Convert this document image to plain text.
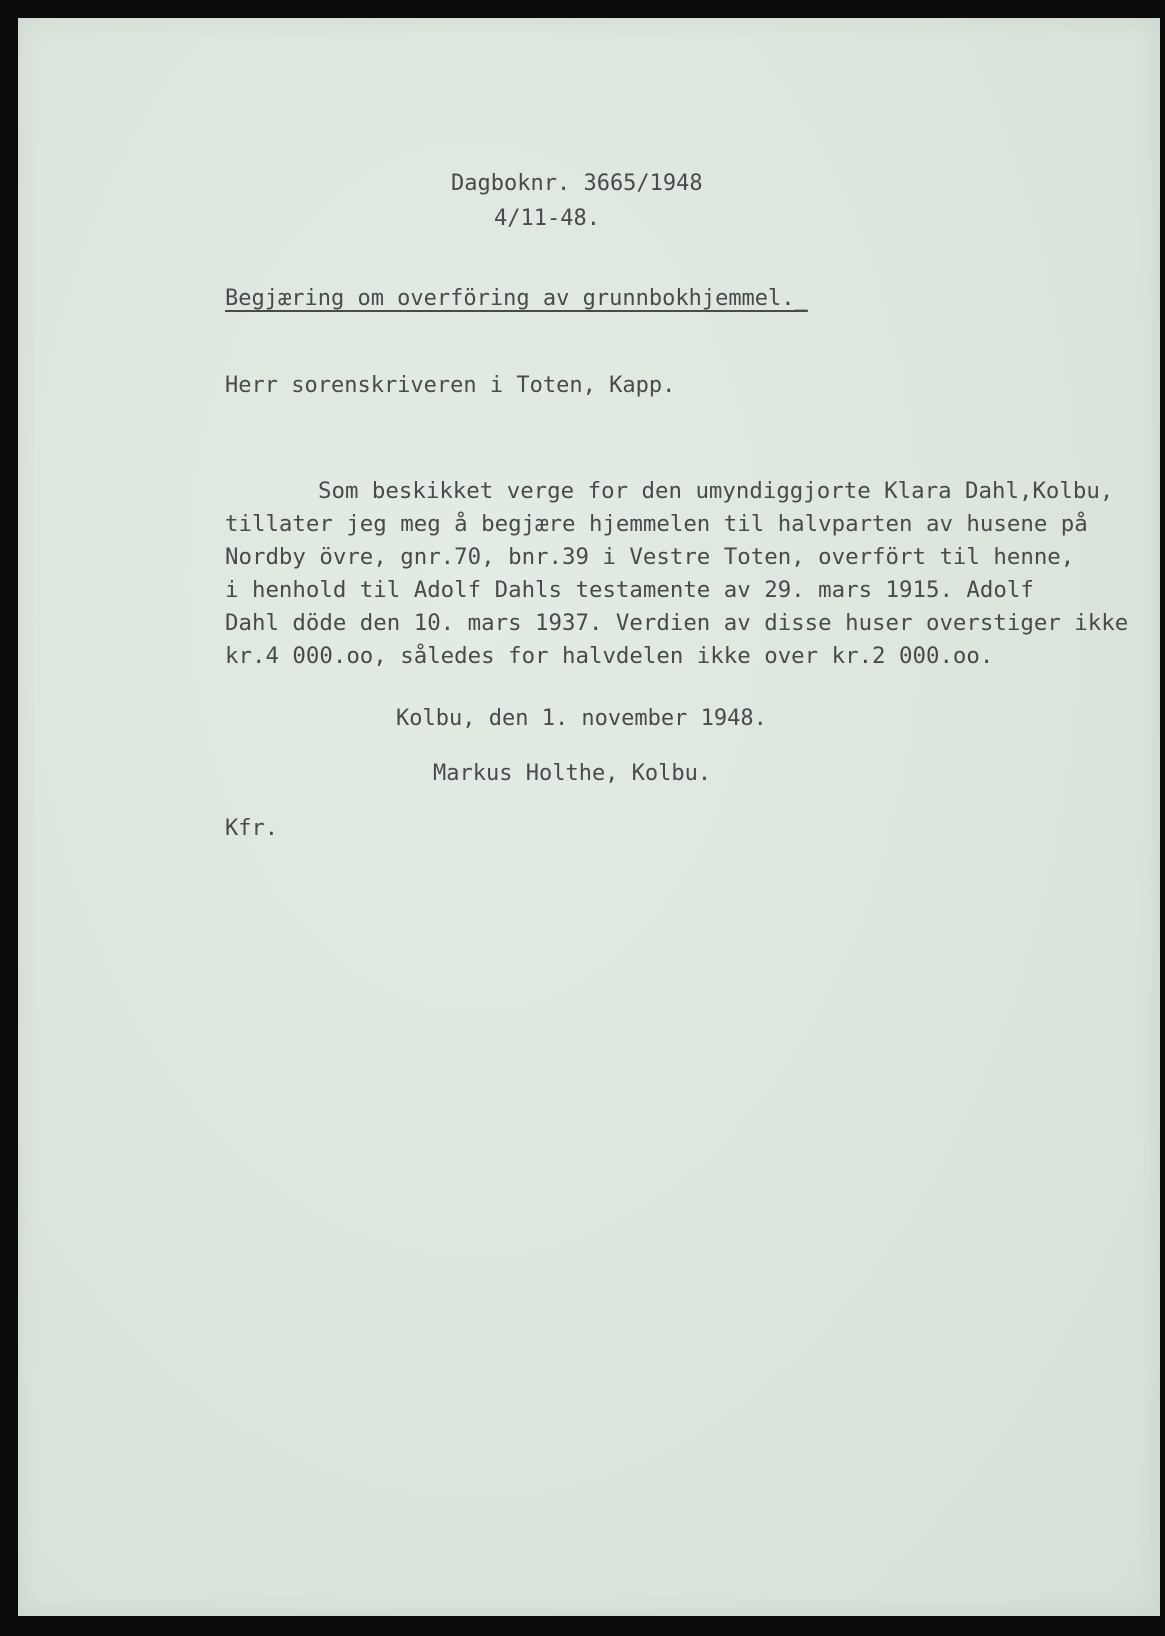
Dagboknr. 3665/1948

4/11-48.

Begjæring om overföring av grunnbokhjemmel._

Herr sorenskriveren i Toten, Kapp.

Som beskikket verge for den umyndiggjorte Klara Dahl,Kolbu,

tillater jeg meg å begjære hjemmelen til halvparten av husene på

Nordby övre, gnr.70, bnr.39 i Vestre Toten, overfört til henne,

i henhold til Adolf Dahls testamente av 29. mars 1915. Adolf

Dahl döde den 10. mars 1937. Verdien av disse huser overstiger ikke

kr.4 000.oo, således for halvdelen ikke over kr.2 000.oo.

Kolbu, den 1. november 1948.

Markus Holthe, Kolbu.

Kfr.
